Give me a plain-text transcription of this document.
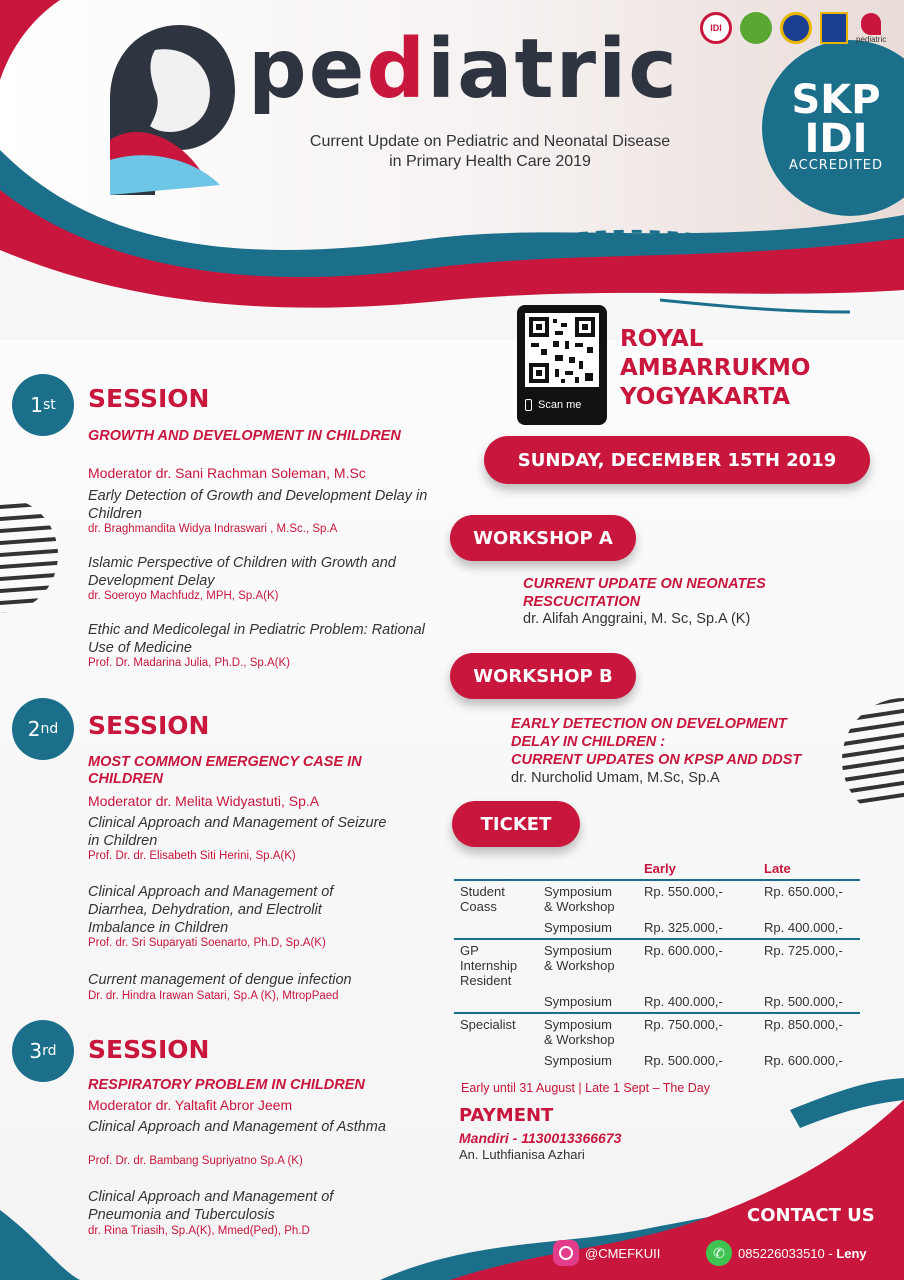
pediatric
Current Update on Pediatric and Neonatal Disease
in Primary Health Care 2019
IDI
pediatric
SKP
IDI
ACCREDITED
Scan me
ROYAL
AMBARRUKMO
YOGYAKARTA
SUNDAY, DECEMBER 15TH 2019
1 st SESSION
GROWTH AND DEVELOPMENT IN CHILDREN
Moderator dr. Sani Rachman Soleman, M.Sc
Early Detection of Growth and Development Delay in Children
dr. Braghmandita Widya Indraswari , M.Sc., Sp.A
Islamic Perspective of Children with Growth and Development Delay
dr. Soeroyo Machfudz, MPH, Sp.A(K)
Ethic and Medicolegal in Pediatric Problem: Rational Use of Medicine
Prof. Dr. Madarina Julia, Ph.D., Sp.A(K)
2 nd SESSION
MOST COMMON EMERGENCY CASE IN CHILDREN
Moderator dr. Melita Widyastuti, Sp.A
Clinical Approach and Management of Seizure in Children
Prof. Dr. dr. Elisabeth Siti Herini, Sp.A(K)
Clinical Approach and Management of Diarrhea, Dehydration, and Electrolit Imbalance in Children
Prof. dr. Sri Suparyati Soenarto, Ph.D, Sp.A(K)
Current management of dengue infection
Dr. dr. Hindra Irawan Satari, Sp.A (K), MtropPaed
3 rd SESSION
RESPIRATORY PROBLEM IN CHILDREN
Moderator dr. Yaltafit Abror Jeem
Clinical Approach and Management of Asthma
Prof. Dr. dr. Bambang Supriyatno Sp.A (K)
Clinical Approach and Management of Pneumonia and Tuberculosis
dr. Rina Triasih, Sp.A(K), Mmed(Ped), Ph.D
WORKSHOP A
CURRENT UPDATE ON NEONATES
RESCUCITATION
dr. Alifah Anggraini, M. Sc, Sp.A (K)
WORKSHOP B
EARLY DETECTION ON DEVELOPMENT
DELAY IN CHILDREN :
CURRENT UPDATES ON KPSP AND DDST
dr. Nurcholid Umam, M.Sc, Sp.A
TICKET
		Early	Late
Student
Coass	Symposium
& Workshop	Rp. 550.000,-	Rp. 650.000,-
	Symposium	Rp. 325.000,-	Rp. 400.000,-
GP
Internship
Resident	Symposium
& Workshop	Rp. 600.000,-	Rp. 725.000,-
	Symposium	Rp. 400.000,-	Rp. 500.000,-
Specialist	Symposium
& Workshop	Rp. 750.000,-	Rp. 850.000,-
	Symposium	Rp. 500.000,-	Rp. 600.000,-
Early until 31 August | Late 1 Sept – The Day
PAYMENT
Mandiri - 1130013366673
An. Luthfianisa Azhari
CONTACT US
@CMEFKUII	✆	085226033510 - Leny
